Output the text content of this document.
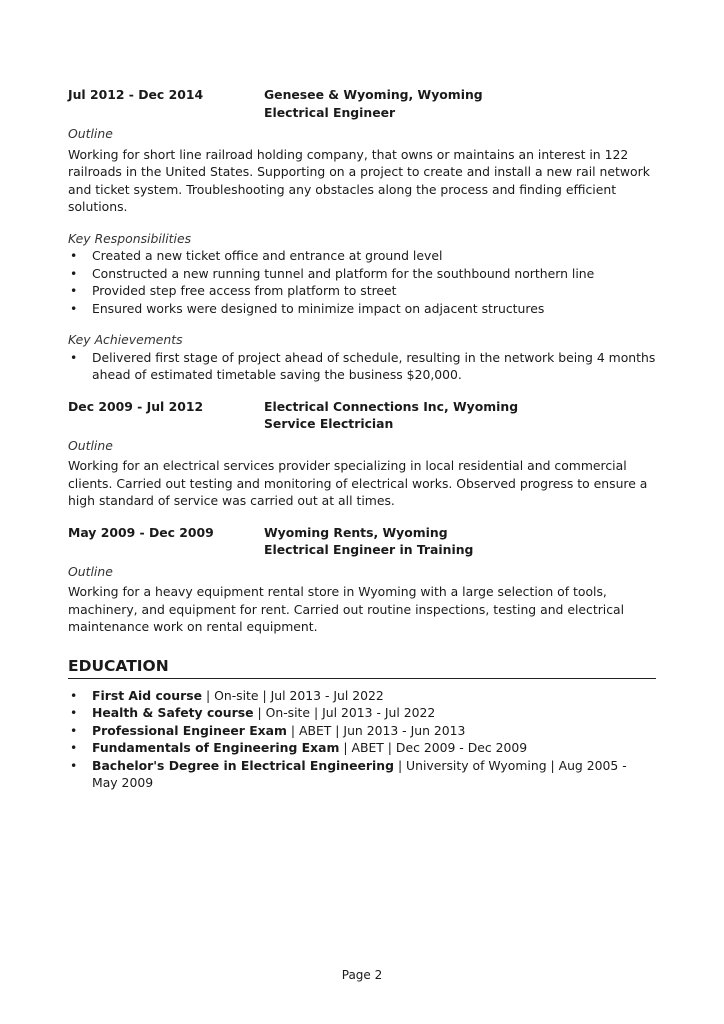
Jul 2012 - Dec 2014	Genesee & Wyoming, Wyoming
Electrical Engineer
Outline

Working for short line railroad holding company, that owns or maintains an interest in 122 railroads in the United States. Supporting on a project to create and install a new rail network and ticket system. Troubleshooting any obstacles along the process and finding efficient solutions.

Key Responsibilities
• Created a new ticket office and entrance at ground level
• Constructed a new running tunnel and platform for the southbound northern line
• Provided step free access from platform to street
• Ensured works were designed to minimize impact on adjacent structures
Key Achievements
• Delivered first stage of project ahead of schedule, resulting in the network being 4 months ahead of estimated timetable saving the business $20,000.
Dec 2009 - Jul 2012	Electrical Connections Inc, Wyoming
Service Electrician
Outline

Working for an electrical services provider specializing in local residential and commercial clients. Carried out testing and monitoring of electrical works. Observed progress to ensure a high standard of service was carried out at all times.

May 2009 - Dec 2009	Wyoming Rents, Wyoming
Electrical Engineer in Training
Outline

Working for a heavy equipment rental store in Wyoming with a large selection of tools, machinery, and equipment for rent. Carried out routine inspections, testing and electrical maintenance work on rental equipment.

EDUCATION
• First Aid course | On-site | Jul 2013 - Jul 2022
• Health & Safety course | On-site | Jul 2013 - Jul 2022
• Professional Engineer Exam | ABET | Jun 2013 - Jun 2013
• Fundamentals of Engineering Exam | ABET | Dec 2009 - Dec 2009
• Bachelor's Degree in Electrical Engineering | University of Wyoming | Aug 2005 - May 2009
Page 2
